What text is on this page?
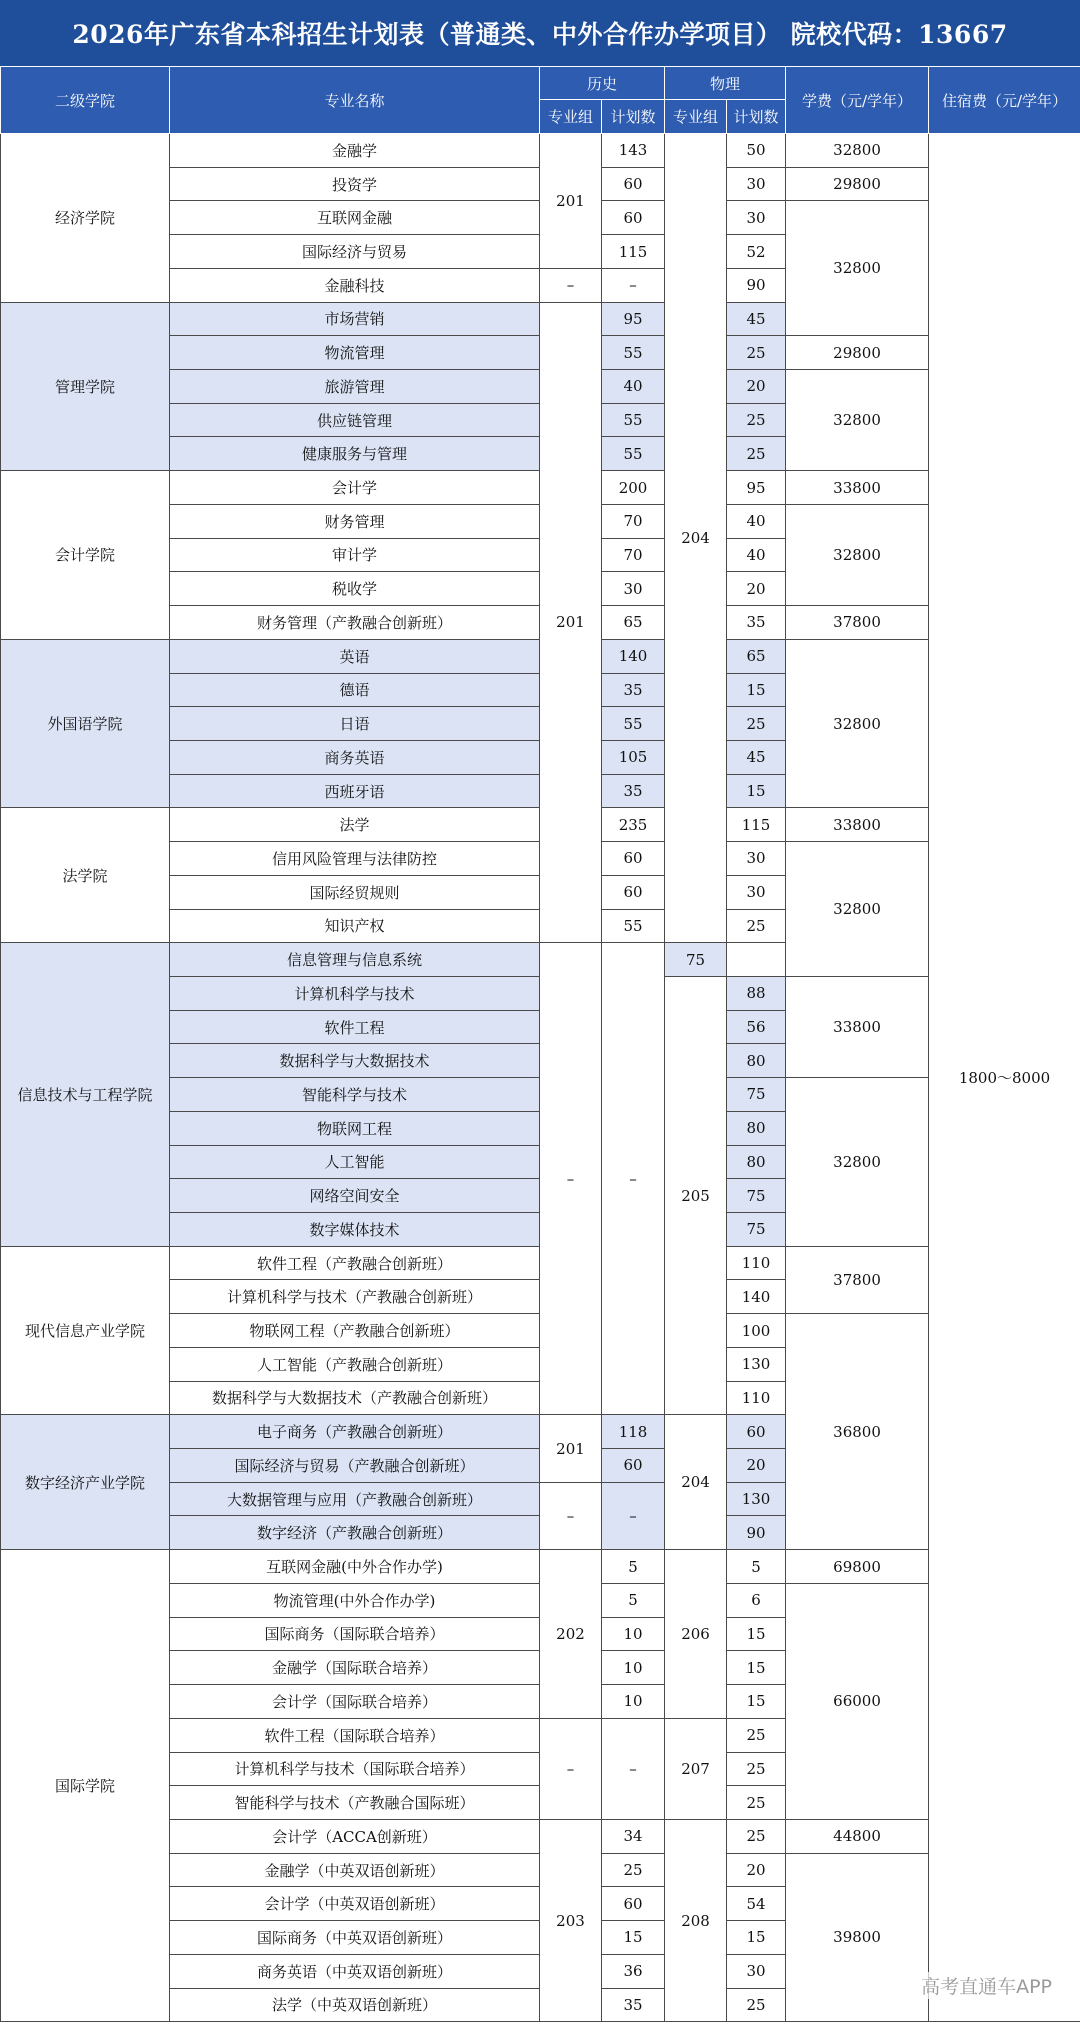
2026年广东省本科招生计划表（普通类、中外合作办学项目） 院校代码：13667
二级学院	专业名称	历史		物理		学费（元/学年）	住宿费（元/学年）
		专业组	计划数	专业组	计划数		
经济学院	金融学	201	143	204	50	32800	1800～8000
	投资学		60		30	29800	
	互联网金融		60		30	32800	
	国际经济与贸易		115		52		
	金融科技	–	–		90		
管理学院	市场营销	201	95		45		
	物流管理		55		25	29800	
	旅游管理		40		20	32800	
	供应链管理		55		25		
	健康服务与管理		55		25		
会计学院	会计学		200		95	33800	
	财务管理		70		40	32800	
	审计学		70		40		
	税收学		30		20		
	财务管理（产教融合创新班）		65		35	37800	
外国语学院	英语		140		65	32800	
	德语		35		15		
	日语		55		25		
	商务英语		105		45		
	西班牙语		35		15		
法学院	法学		235		115	33800	
	信用风险管理与法律防控		60		30	32800	
	国际经贸规则		60		30		
	知识产权		55		25		
信息技术与工程学院	信息管理与信息系统	–	–	75			
	计算机科学与技术			205	88	33800	
	软件工程				56		
	数据科学与大数据技术				80		
	智能科学与技术				75	32800	
	物联网工程				80		
	人工智能				80		
	网络空间安全				75		
	数字媒体技术				75		
现代信息产业学院	软件工程（产教融合创新班）				110	37800	
	计算机科学与技术（产教融合创新班）				140		
	物联网工程（产教融合创新班）				100	36800	
	人工智能（产教融合创新班）				130		
	数据科学与大数据技术（产教融合创新班）				110		
数字经济产业学院	电子商务（产教融合创新班）	201	118	204	60		
	国际经济与贸易（产教融合创新班）		60		20		
	大数据管理与应用（产教融合创新班）	–	–		130		
	数字经济（产教融合创新班）				90		
国际学院	互联网金融(中外合作办学)	202	5	206	5	69800	
	物流管理(中外合作办学)		5		6	66000	
	国际商务（国际联合培养）		10		15		
	金融学（国际联合培养）		10		15		
	会计学（国际联合培养）		10		15		
	软件工程（国际联合培养）	–	–	207	25		
	计算机科学与技术（国际联合培养）				25		
	智能科学与技术（产教融合国际班）				25		
	会计学（ACCA创新班）	203	34	208	25	44800	
	金融学（中英双语创新班）		25		20	39800	
	会计学（中英双语创新班）		60		54		
	国际商务（中英双语创新班）		15		15		
	商务英语（中英双语创新班）		36		30		
	法学（中英双语创新班）		35		25		
高考直通车APP
